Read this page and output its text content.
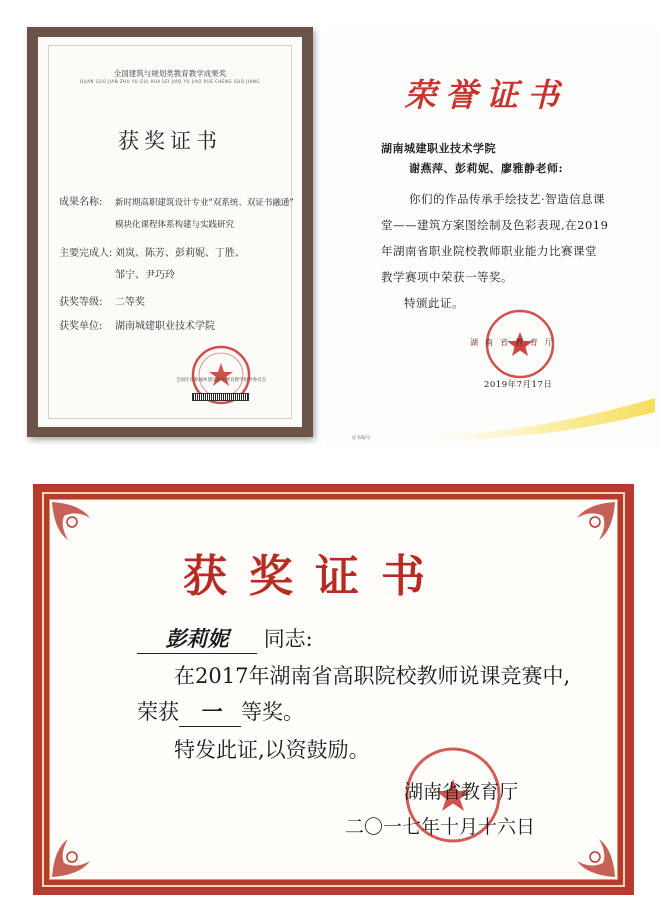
全国建筑与规划类教育教学成果奖
QUAN GUO JIAN ZHU YU GUI HUA LEI JIAO YU JIAO XUE CHENG GUO JIANG
获奖证书
成果名称: 新时期高职建筑设计专业“双系统、双证书融通”
模块化课程体系构建与实践研究
主要完成人: 刘岚、陈芳、彭莉妮、丁胜、
邹宁、尹巧玲
获奖等级: 二等奖
获奖单位: 湖南城建职业技术学院
全国住房和城乡建设职业教育教学指导委员会
荣誉证书
湖南城建职业技术学院
谢燕萍、彭莉妮、廖雅静老师:
你们的作品传承手绘技艺·智造信息课
堂——建筑方案图绘制及色彩表现,在2019
年湖南省职业院校教师职业能力比赛课堂
教学赛项中荣获一等奖。
特颁此证。
湖南省教育厅
2019年7月17日
证书编号:
获奖证书
彭莉妮 同志:
在2017年湖南省高职院校教师说课竞赛中,
荣获 一 等奖。
特发此证,以资鼓励。
湖南省教育厅
二〇一七年十月十六日
